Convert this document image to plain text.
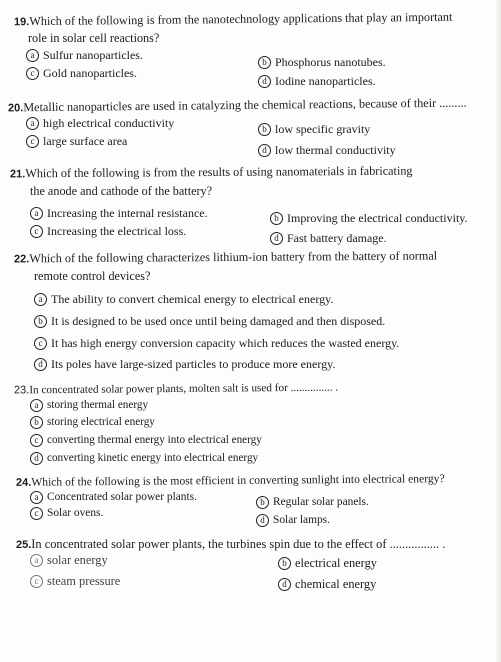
19.Which of the following is from the nanotechnology applications that play an important
role in solar cell reactions?
a Sulfur nanoparticles.	b Phosphorus nanotubes.
c Gold nanoparticles.
d Iodine nanoparticles.
20.Metallic nanoparticles are used in catalyzing the chemical reactions, because of their .........
a high electrical conductivity	b low specific gravity
c large surface area
d low thermal conductivity
21.Which of the following is from the results of using nanomaterials in fabricating
the anode and cathode of the battery?
a Increasing the internal resistance.	b Improving the electrical conductivity.
c Increasing the electrical loss.	d Fast battery damage.
22.Which of the following characterizes lithium-ion battery from the battery of normal
remote control devices?
a The ability to convert chemical energy to electrical energy.
b It is designed to be used once until being damaged and then disposed.
c It has high energy conversion capacity which reduces the wasted energy.
d Its poles have large-sized particles to produce more energy.
23.In concentrated solar power plants, molten salt is used for ............... .
a storing thermal energy
b storing electrical energy
c converting thermal energy into electrical energy
d converting kinetic energy into electrical energy
24.Which of the following is the most efficient in converting sunlight into electrical energy?
a Concentrated solar power plants.	b Regular solar panels.
c Solar ovens.
d Solar lamps.
25.In concentrated solar power plants, the turbines spin due to the effect of ................ .
a solar energy	b electrical energy
c steam pressure	d chemical energy
